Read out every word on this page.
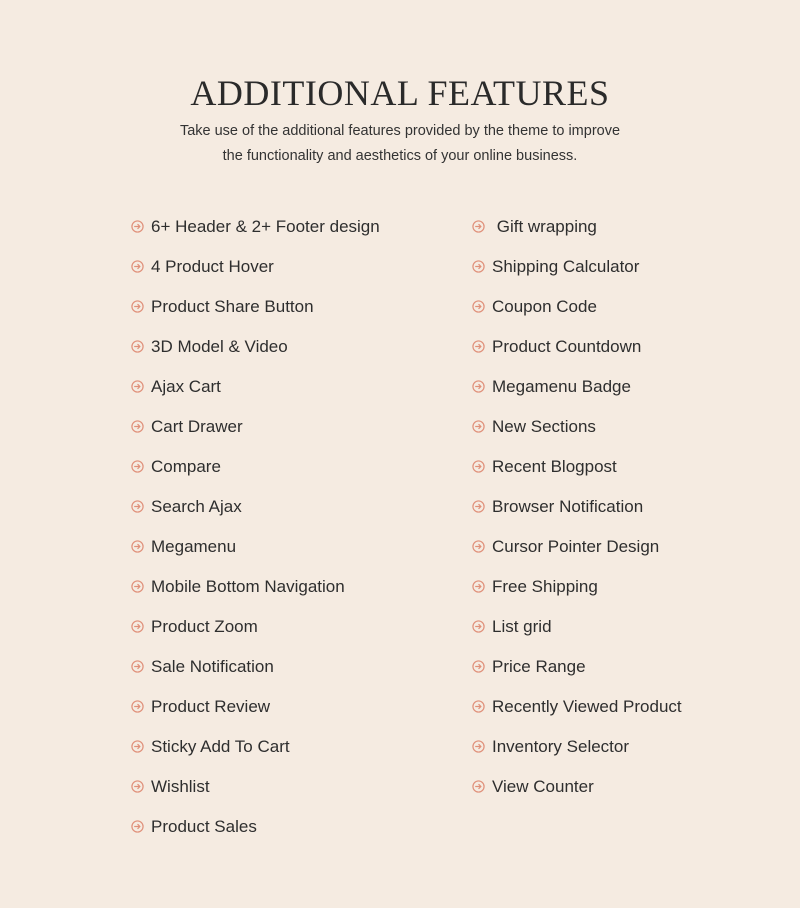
ADDITIONAL FEATURES

Take use of the additional features provided by the theme to improve
the functionality and aesthetics of your online business.

6+ Header & 2+ Footer design
4 Product Hover
Product Share Button
3D Model & Video
Ajax Cart
Cart Drawer
Compare
Search Ajax
Megamenu
Mobile Bottom Navigation
Product Zoom
Sale Notification
Product Review
Sticky Add To Cart
Wishlist
Product Sales
Gift wrapping
Shipping Calculator
Coupon Code
Product Countdown
Megamenu Badge
New Sections
Recent Blogpost
Browser Notification
Cursor Pointer Design
Free Shipping
List grid
Price Range
Recently Viewed Product
Inventory Selector
View Counter
